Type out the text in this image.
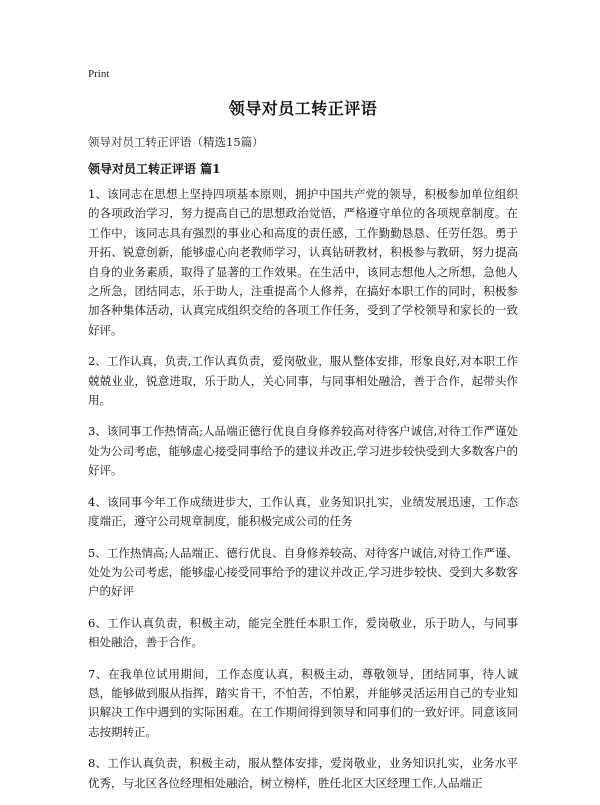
Print
领导对员工转正评语
领导对员工转正评语（精选15篇）
领导对员工转正评语 篇1

1、该同志在思想上坚持四项基本原则，拥护中国共产党的领导，积极参加单位组织的各项政治学习，努力提高自己的思想政治觉悟，严格遵守单位的各项规章制度。在工作中，该同志具有强烈的事业心和高度的责任感，工作勤勤恳恳、任劳任怨。勇于开拓、锐意创新，能够虚心向老教师学习，认真钻研教材，积极参与教研，努力提高自身的业务素质，取得了显著的工作效果。在生活中，该同志想他人之所想，急他人之所急，团结同志，乐于助人，注重提高个人修养，在搞好本职工作的同时，积极参加各种集体活动，认真完成组织交给的各项工作任务，受到了学校领导和家长的一致好评。

2、工作认真，负责,工作认真负责，爱岗敬业，服从整体安排，形象良好,对本职工作兢兢业业，锐意进取，乐于助人，关心同事，与同事相处融洽，善于合作，起带头作用。

3、该同事工作热情高;人品端正德行优良自身修养较高对待客户诚信,对待工作严谨处处为公司考虑，能够虚心接受同事给予的建议并改正,学习进步较快受到大多数客户的好评。

4、该同事今年工作成绩进步大，工作认真，业务知识扎实，业绩发展迅速，工作态度端正，遵守公司规章制度，能积极完成公司的任务

5、工作热情高;人品端正、德行优良、自身修养较高、对待客户诚信,对待工作严谨、处处为公司考虑，能够虚心接受同事给予的建议并改正,学习进步较快、受到大多数客户的好评

6、工作认真负责，积极主动，能完全胜任本职工作，爱岗敬业，乐于助人，与同事相处融洽，善于合作。

7、在我单位试用期间，工作态度认真，积极主动，尊敬领导，团结同事，待人诚恳，能够做到服从指挥，踏实肯干，不怕苦，不怕累，并能够灵活运用自己的专业知识解决工作中遇到的实际困难。在工作期间得到领导和同事们的一致好评。同意该同志按期转正。

8、工作认真负责，积极主动，服从整体安排，爱岗敬业，业务知识扎实，业务水平优秀，与北区各位经理相处融洽，树立榜样，胜任北区大区经理工作,人品端正
